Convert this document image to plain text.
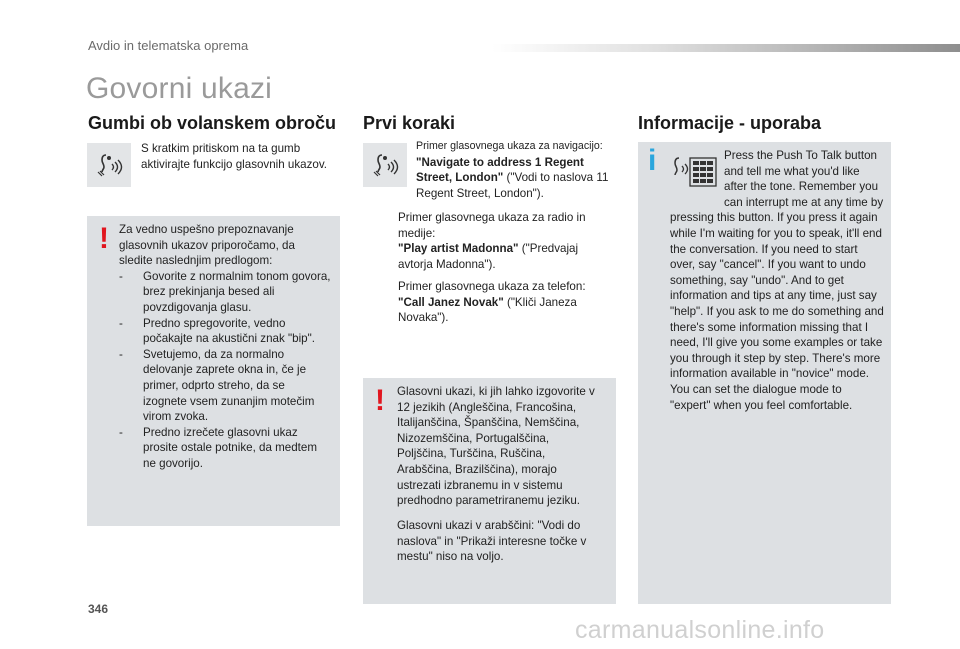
Avdio in telematska oprema
Govorni ukazi
Gumbi ob volanskem obroču

S kratkim pritiskom na ta gumb aktivirajte funkcijo glasovnih ukazov.

! Za vedno uspešno prepoznavanje glasovnih ukazov priporočamo, da sledite naslednjim predlogom:

- Govorite z normalnim tonom govora, brez prekinjanja besed ali povzdigovanja glasu.
- Predno spregovorite, vedno počakajte na akustični znak "bip".
- Svetujemo, da za normalno delovanje zaprete okna in, če je primer, odprto streho, da se izognete vsem zunanjim motečim virom zvoka.
- Predno izrečete glasovni ukaz prosite ostale potnike, da medtem ne govorijo.
Prvi koraki

Primer glasovnega ukaza za navigacijo:

"Navigate to address 1 Regent Street, London" ("Vodi to naslova 11 Regent Street, London").

Primer glasovnega ukaza za radio in medije:

"Play artist Madonna" ("Predvajaj avtorja Madonna").

Primer glasovnega ukaza za telefon:

"Call Janez Novak" ("Kliči Janeza Novaka").

! Glasovni ukazi, ki jih lahko izgovorite v 12 jezikih (Angleščina, Francošina, Italijanščina, Španščina, Nemščina, Nizozemščina, Portugalščina, Poljščina, Turščina, Ruščina, Arabščina, Brazilščina), morajo ustrezati izbranemu in v sistemu predhodno parametriranemu jeziku.

Glasovni ukazi v arabščini: "Vodi do naslova" in "Prikaži interesne točke v mestu" niso na voljo.

Informacije - uporaba
i	Press the Push To Talk button and tell me what you'd like after the tone. Remember you can interrupt me at any time by pressing this button. If you press it again while I'm waiting for you to speak, it'll end the conversation. If you need to start over, say "cancel". If you want to undo something, say "undo". And to get information and tips at any time, just say "help". If you ask to me do something and there's some information missing that I need, I'll give you some examples or take you through it step by step. There's more information available in "novice" mode. You can set the dialogue mode to "expert" when you feel comfortable.

346
carmanualsonline.info
